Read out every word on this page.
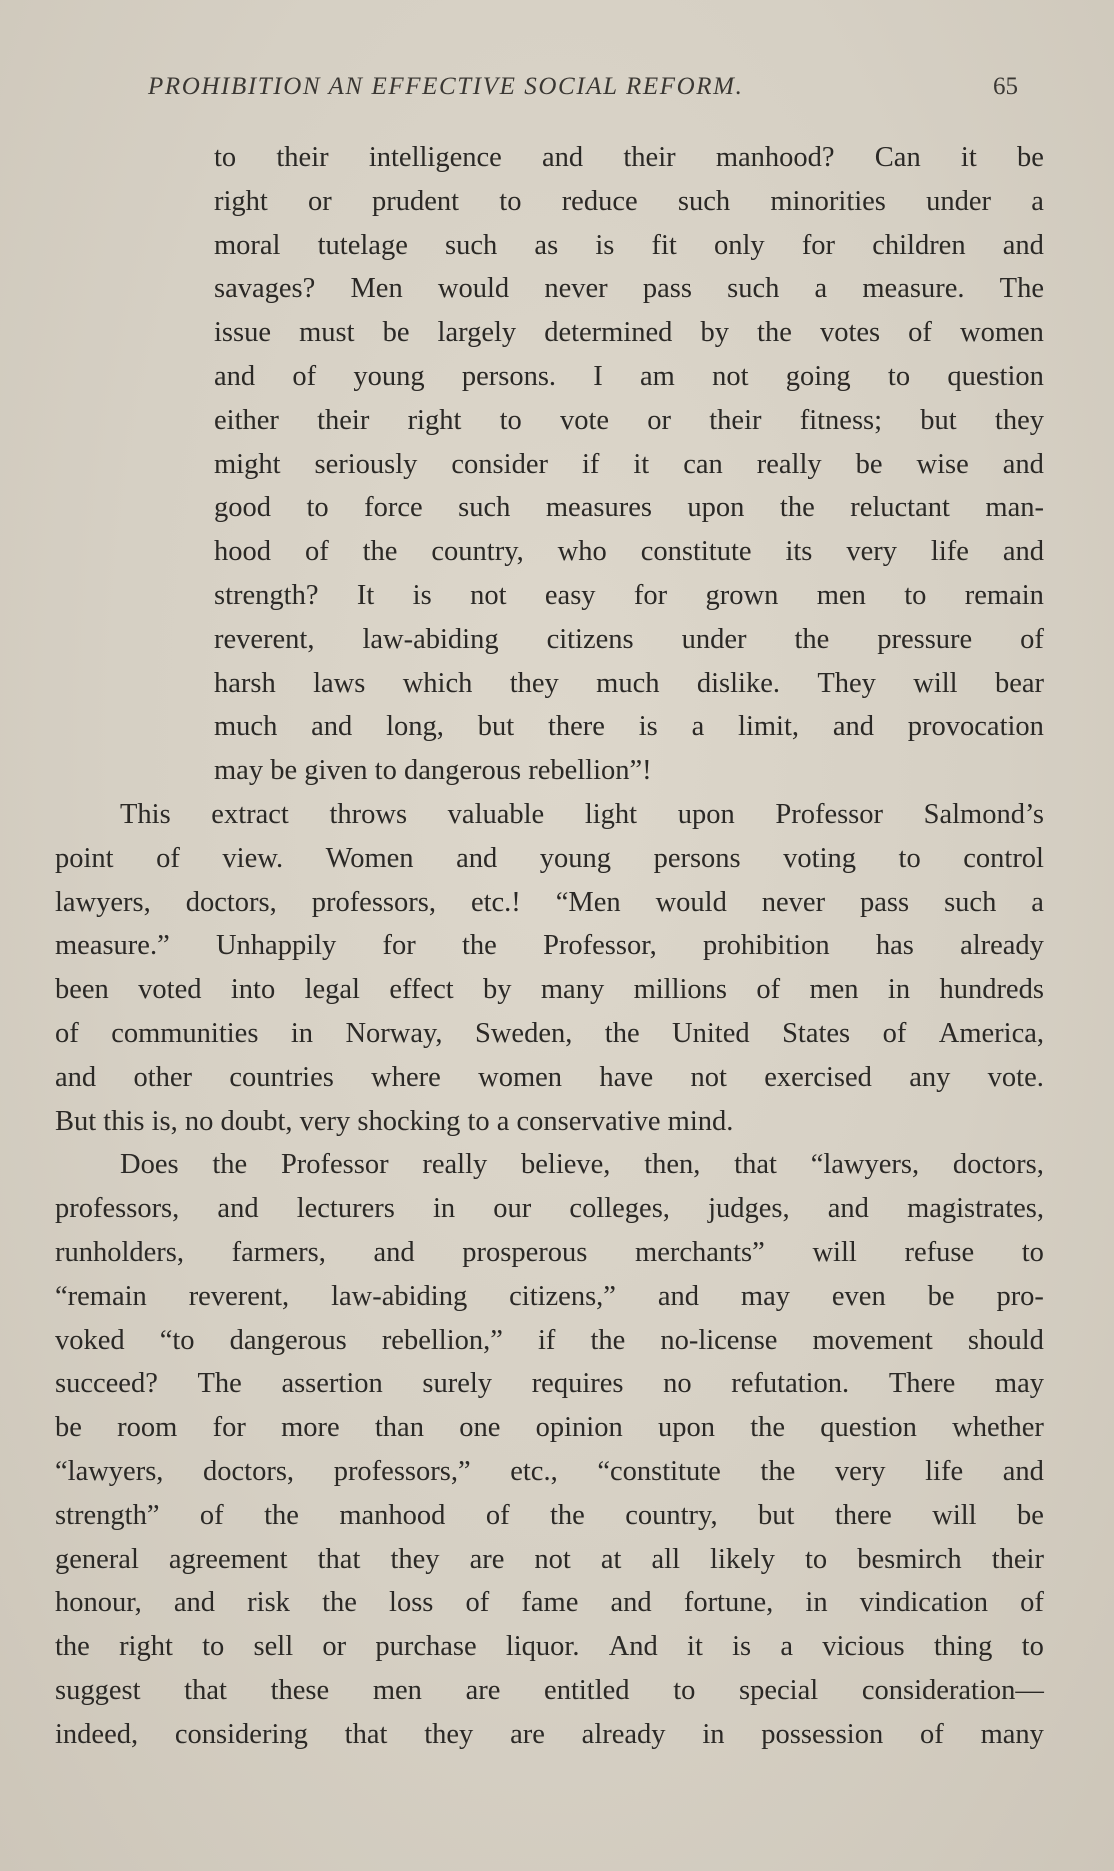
PROHIBITION AN EFFECTIVE SOCIAL REFORM.	65
to their intelligence and their manhood? Can it be
right or prudent to reduce such minorities under a
moral tutelage such as is fit only for children and
savages? Men would never pass such a measure. The
issue must be largely determined by the votes of women
and of young persons. I am not going to question
either their right to vote or their fitness; but they
might seriously consider if it can really be wise and
good to force such measures upon the reluctant man-
hood of the country, who constitute its very life and
strength? It is not easy for grown men to remain
reverent, law-abiding citizens under the pressure of
harsh laws which they much dislike. They will bear
much and long, but there is a limit, and provocation
may be given to dangerous rebellion”!
This extract throws valuable light upon Professor Salmond’s
point of view. Women and young persons voting to control
lawyers, doctors, professors, etc.! “Men would never pass such a
measure.” Unhappily for the Professor, prohibition has already
been voted into legal effect by many millions of men in hundreds
of communities in Norway, Sweden, the United States of America,
and other countries where women have not exercised any vote.
But this is, no doubt, very shocking to a conservative mind.
Does the Professor really believe, then, that “lawyers, doctors,
professors, and lecturers in our colleges, judges, and magistrates,
runholders, farmers, and prosperous merchants” will refuse to
“remain reverent, law-abiding citizens,” and may even be pro-
voked “to dangerous rebellion,” if the no-license movement should
succeed? The assertion surely requires no refutation. There may
be room for more than one opinion upon the question whether
“lawyers, doctors, professors,” etc., “constitute the very life and
strength” of the manhood of the country, but there will be
general agreement that they are not at all likely to besmirch their
honour, and risk the loss of fame and fortune, in vindication of
the right to sell or purchase liquor. And it is a vicious thing to
suggest that these men are entitled to special consideration—
indeed, considering that they are already in possession of many
